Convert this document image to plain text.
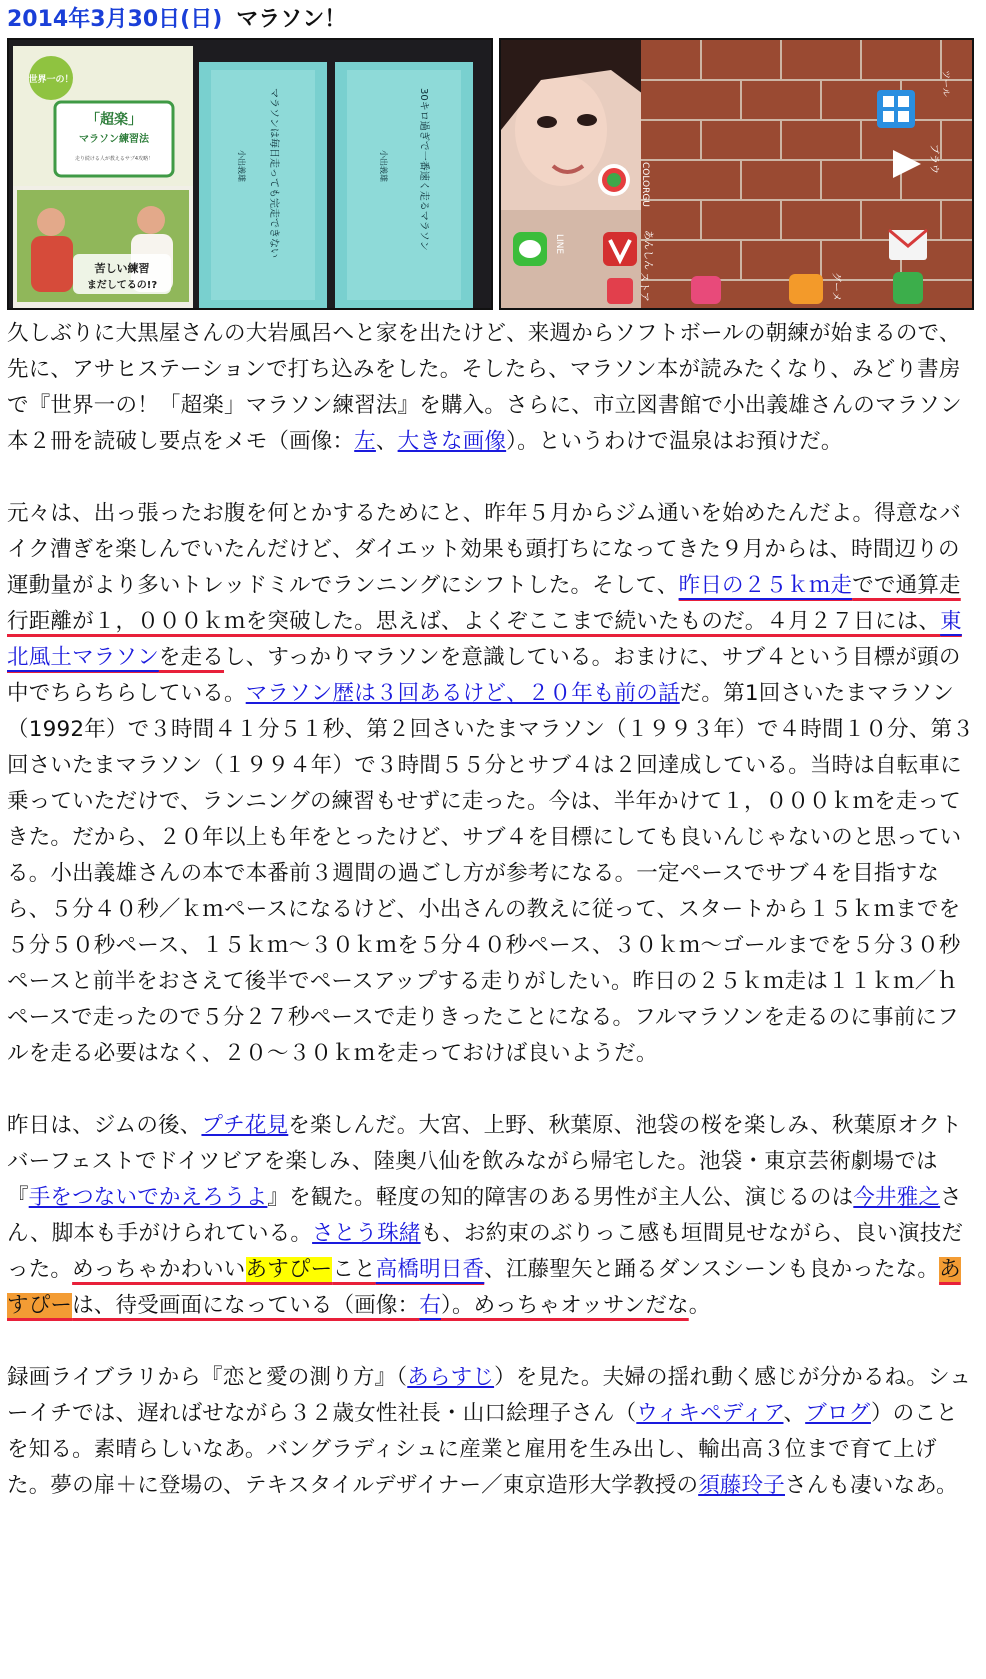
2014年3月30日(日) マラソン！
世界一の！
「超楽」
マラソン練習法
走り続ける人が教えるサブ4攻略！
苦しい練習
まだしてるの!?
マラソンは毎日走っても完走できない
小出義雄	30キロ過ぎで一番速く走るマラソン
小出義雄	COLORGU
LINE	あんしん
ストア
ブラウ
ツール
グーメ

久しぶりに大黒屋さんの大岩風呂へと家を出たけど、来週からソフトボールの朝練が始まるので、先に、アサヒステーションで打ち込みをした。そしたら、マラソン本が読みたくなり、みどり書房で『世界一の！「超楽」マラソン練習法』を購入。さらに、市立図書館で小出義雄さんのマラソン本２冊を読破し要点をメモ（画像：左、大きな画像）。というわけで温泉はお預けだ。

元々は、出っ張ったお腹を何とかするためにと、昨年５月からジム通いを始めたんだよ。得意なバイク漕ぎを楽しんでいたんだけど、ダイエット効果も頭打ちになってきた９月からは、時間辺りの運動量がより多いトレッドミルでランニングにシフトした。そして、昨日の２５ｋｍ走でで通算走行距離が１，０００ｋｍを突破した。思えば、よくぞここまで続いたものだ。４月２７日には、東北風土マラソンを走るし、すっかりマラソンを意識している。おまけに、サブ４という目標が頭の中でちらちらしている。マラソン歴は３回あるけど、２０年も前の話だ。第1回さいたまマラソン（1992年）で３時間４１分５１秒、第２回さいたまマラソン（１９９３年）で４時間１０分、第３回さいたまマラソン（１９９４年）で３時間５５分とサブ４は２回達成している。当時は自転車に乗っていただけで、ランニングの練習もせずに走った。今は、半年かけて１，０００ｋｍを走ってきた。だから、２０年以上も年をとったけど、サブ４を目標にしても良いんじゃないのと思っている。小出義雄さんの本で本番前３週間の過ごし方が参考になる。一定ペースでサブ４を目指すなら、５分４０秒／ｋｍペースになるけど、小出さんの教えに従って、スタートから１５ｋｍまでを５分５０秒ペース、１５ｋｍ～３０ｋｍを５分４０秒ペース、３０ｋｍ～ゴールまでを５分３０秒ペースと前半をおさえて後半でペースアップする走りがしたい。昨日の２５ｋｍ走は１１ｋｍ／ｈペースで走ったので５分２７秒ペースで走りきったことになる。フルマラソンを走るのに事前にフルを走る必要はなく、２０～３０ｋｍを走っておけば良いようだ。

昨日は、ジムの後、プチ花見を楽しんだ。大宮、上野、秋葉原、池袋の桜を楽しみ、秋葉原オクトバーフェストでドイツビアを楽しみ、陸奥八仙を飲みながら帰宅した。池袋・東京芸術劇場では『手をつないでかえろうよ』を観た。軽度の知的障害のある男性が主人公、演じるのは今井雅之さん、脚本も手がけられている。さとう珠緒も、お約束のぶりっこ感も垣間見せながら、良い演技だった。めっちゃかわいいあすぴーこと高橋明日香、江藤聖矢と踊るダンスシーンも良かったな。あすぴーは、待受画面になっている（画像：右）。めっちゃオッサンだな。

録画ライブラリから『恋と愛の測り方』（あらすじ）を見た。夫婦の揺れ動く感じが分かるね。シューイチでは、遅ればせながら３２歳女性社長・山口絵理子さん（ウィキペディア、ブログ）のことを知る。素晴らしいなあ。バングラディシュに産業と雇用を生み出し、輸出高３位まで育て上げた。夢の扉＋に登場の、テキスタイルデザイナー／東京造形大学教授の須藤玲子さんも凄いなあ。
